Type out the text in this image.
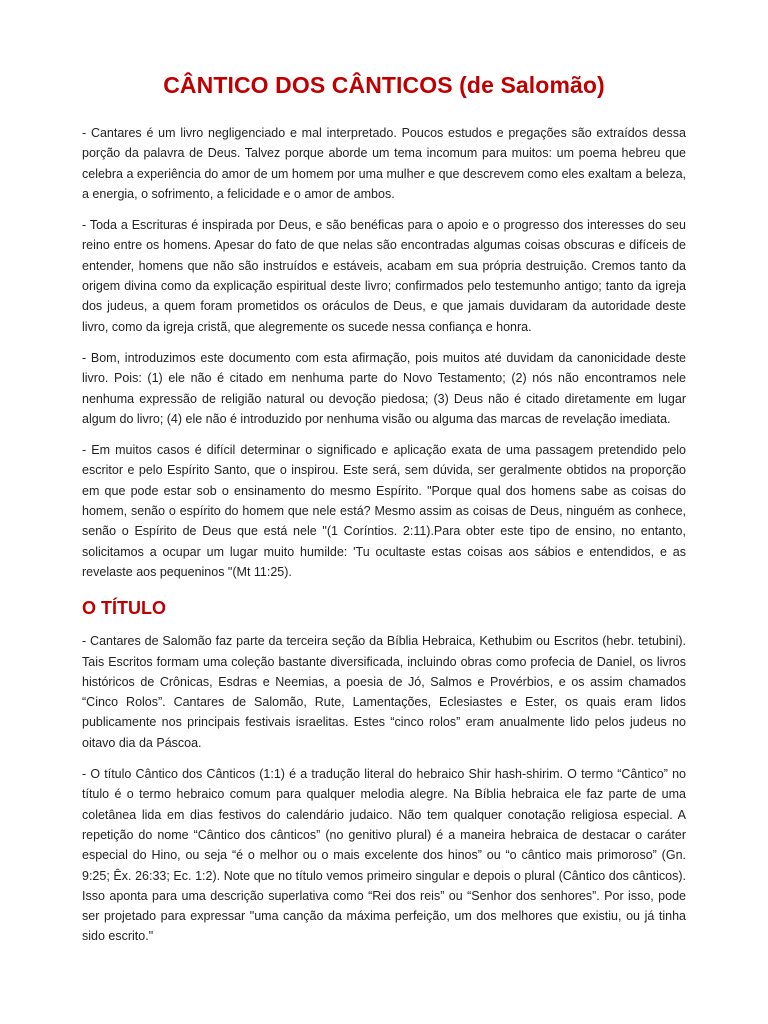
CÂNTICO DOS CÂNTICOS (de Salomão)

- Cantares é um livro negligenciado e mal interpretado. Poucos estudos e pregações são extraídos dessa porção da palavra de Deus. Talvez porque aborde um tema incomum para muitos: um poema hebreu que celebra a experiência do amor de um homem por uma mulher e que descrevem como eles exaltam a beleza, a energia, o sofrimento, a felicidade e o amor de ambos.

- Toda a Escrituras é inspirada por Deus, e são benéficas para o apoio e o progresso dos interesses do seu reino entre os homens. Apesar do fato de que nelas são encontradas algumas coisas obscuras e difíceis de entender, homens que não são instruídos e estáveis, acabam em sua própria destruição. Cremos tanto da origem divina como da explicação espiritual deste livro; confirmados pelo testemunho antigo; tanto da igreja dos judeus, a quem foram prometidos os oráculos de Deus, e que jamais duvidaram da autoridade deste livro, como da igreja cristã, que alegremente os sucede nessa confiança e honra.

- Bom, introduzimos este documento com esta afirmação, pois muitos até duvidam da canonicidade deste livro. Pois: (1) ele não é citado em nenhuma parte do Novo Testamento; (2) nós não encontramos nele nenhuma expressão de religião natural ou devoção piedosa; (3) Deus não é citado diretamente em lugar algum do livro; (4) ele não é introduzido por nenhuma visão ou alguma das marcas de revelação imediata.

- Em muitos casos é difícil determinar o significado e aplicação exata de uma passagem pretendido pelo escritor e pelo Espírito Santo, que o inspirou. Este será, sem dúvida, ser geralmente obtidos na proporção em que pode estar sob o ensinamento do mesmo Espírito. "Porque qual dos homens sabe as coisas do homem, senão o espírito do homem que nele está? Mesmo assim as coisas de Deus, ninguém as conhece, senão o Espírito de Deus que está nele "(1 Coríntios. 2:11).Para obter este tipo de ensino, no entanto, solicitamos a ocupar um lugar muito humilde: 'Tu ocultaste estas coisas aos sábios e entendidos, e as revelaste aos pequeninos "(Mt 11:25).

O TÍTULO

- Cantares de Salomão faz parte da terceira seção da Bíblia Hebraica, Kethubim ou Escritos (hebr. tetubini). Tais Escritos formam uma coleção bastante diversificada, incluindo obras como profecia de Daniel, os livros históricos de Crônicas, Esdras e Neemias, a poesia de Jó, Salmos e Provérbios, e os assim chamados “Cinco Rolos”. Cantares de Salomão, Rute, Lamentações, Eclesiastes e Ester, os quais eram lidos publicamente nos principais festivais israelitas. Estes “cinco rolos” eram anualmente lido pelos judeus no oitavo dia da Páscoa.

- O título Cântico dos Cânticos (1:1) é a tradução literal do hebraico Shir hash-shirim. O termo “Cântico” no título é o termo hebraico comum para qualquer melodia alegre. Na Bíblia hebraica ele faz parte de uma coletânea lida em dias festivos do calendário judaico. Não tem qualquer conotação religiosa especial. A repetição do nome “Cântico dos cânticos” (no genitivo plural) é a maneira hebraica de destacar o caráter especial do Hino, ou seja “é o melhor ou o mais excelente dos hinos” ou “o cântico mais primoroso” (Gn. 9:25; Êx. 26:33; Ec. 1:2). Note que no título vemos primeiro singular e depois o plural (Cântico dos cânticos). Isso aponta para uma descrição superlativa como “Rei dos reis” ou “Senhor dos senhores”. Por isso, pode ser projetado para expressar "uma canção da máxima perfeição, um dos melhores que existiu, ou já tinha sido escrito."
